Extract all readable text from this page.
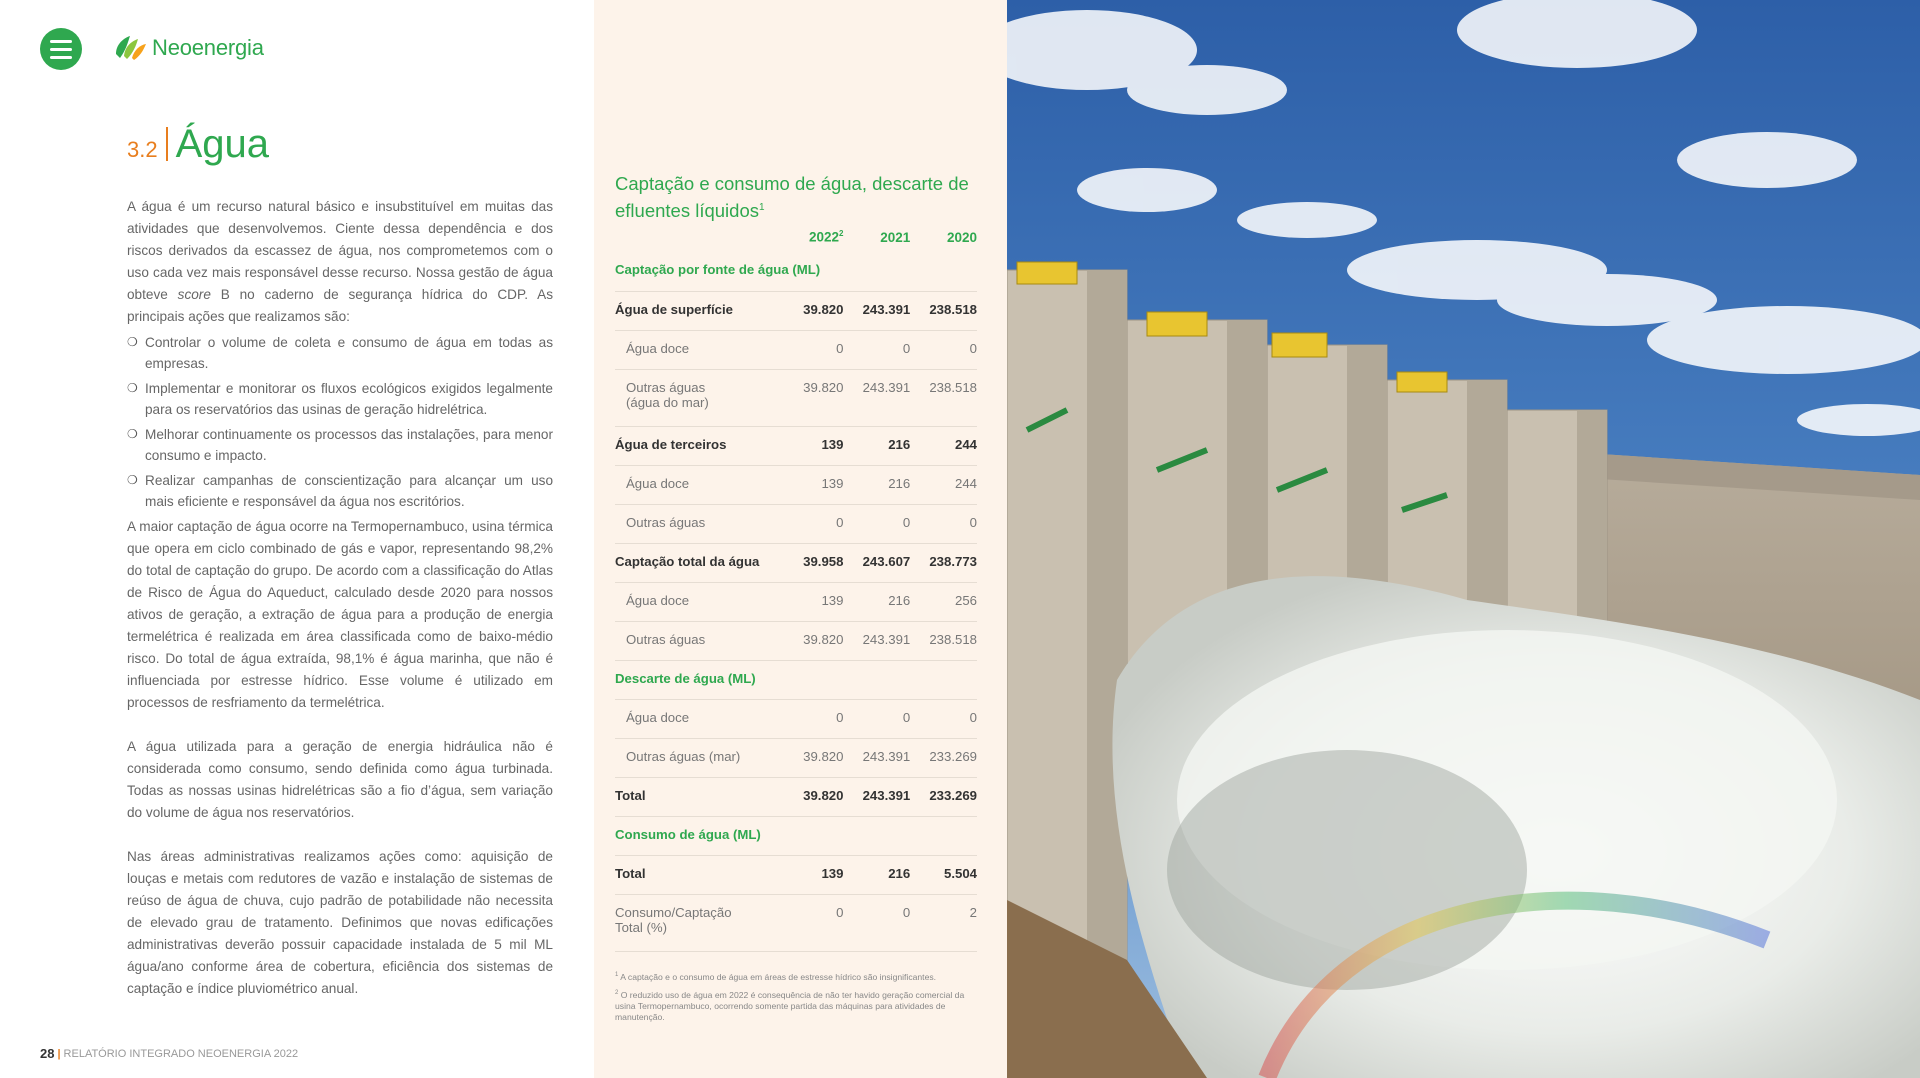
Neoenergia
3.2 Água

A água é um recurso natural básico e insubstituível em muitas das atividades que desenvolvemos. Ciente dessa dependência e dos riscos derivados da escassez de água, nos comprometemos com o uso cada vez mais responsável desse recurso. Nossa gestão de água obteve score B no caderno de segurança hídrica do CDP. As principais ações que realizamos são:

❍ Controlar o volume de coleta e consumo de água em todas as empresas.
❍ Implementar e monitorar os fluxos ecológicos exigidos legalmente para os reservatórios das usinas de geração hidrelétrica.
❍ Melhorar continuamente os processos das instalações, para menor consumo e impacto.
❍ Realizar campanhas de conscientização para alcançar um uso mais eficiente e responsável da água nos escritórios.

A maior captação de água ocorre na Termopernambuco, usina térmica que opera em ciclo combinado de gás e vapor, representando 98,2% do total de captação do grupo. De acordo com a classificação do Atlas de Risco de Água do Aqueduct, calculado desde 2020 para nossos ativos de geração, a extração de água para a produção de energia termelétrica é realizada em área classificada como de baixo-médio risco. Do total de água extraída, 98,1% é água marinha, que não é influenciada por estresse hídrico. Esse volume é utilizado em processos de resfriamento da termelétrica.

A água utilizada para a geração de energia hidráulica não é considerada como consumo, sendo definida como água turbinada. Todas as nossas usinas hidrelétricas são a fio d’água, sem variação do volume de água nos reservatórios.

Nas áreas administrativas realizamos ações como: aquisição de louças e metais com redutores de vazão e instalação de sistemas de reúso de água de chuva, cujo padrão de potabilidade não necessita de elevado grau de tratamento. Definimos que novas edificações administrativas deverão possuir capacidade instalada de 5 mil ML água/ano conforme área de cobertura, eficiência dos sistemas de captação e índice pluviométrico anual.

28 | RELATÓRIO INTEGRADO NEOENERGIA 2022
Captação e consumo de água, descarte de efluentes líquidos$^1$
	2022$^2$	2021	2020
Captação por fonte de água (ML)			
Água de superfície	39.820	243.391	238.518
Água doce	0	0	0
Outras águas
(água do mar)	39.820	243.391	238.518
Água de terceiros	139	216	244
Água doce	139	216	244
Outras águas	0	0	0
Captação total da água	39.958	243.607	238.773
Água doce	139	216	256
Outras águas	39.820	243.391	238.518
Descarte de água (ML)			
Água doce	0	0	0
Outras águas (mar)	39.820	243.391	233.269
Total	39.820	243.391	233.269
Consumo de água (ML)			
Total	139	216	5.504
Consumo/Captação
Total (%)	0	0	2

$^1$ A captação e o consumo de água em áreas de estresse hídrico são insignificantes.

$^2$ O reduzido uso de água em 2022 é consequência de não ter havido geração comercial da usina Termopernambuco, ocorrendo somente partida das máquinas para atividades de manutenção.
